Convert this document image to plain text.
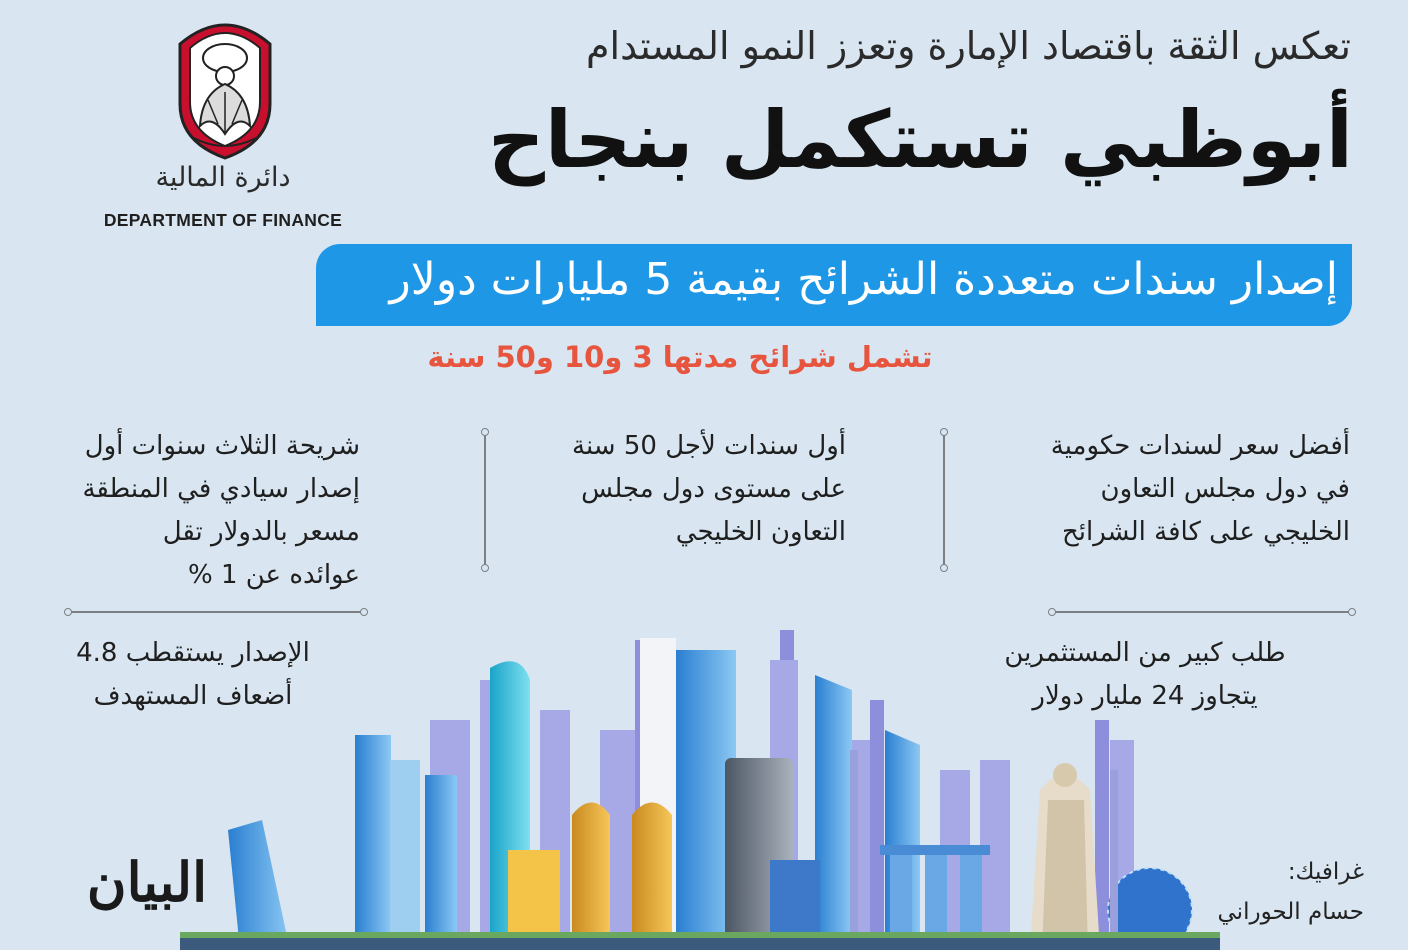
دائرة المالية
DEPARTMENT OF FINANCE
تعكس الثقة باقتصاد الإمارة وتعزز النمو المستدام
أبوظبي تستكمل بنجاح
إصدار سندات متعددة الشرائح بقيمة 5 مليارات دولار
تشمل شرائح مدتها 3 و10 و50 سنة
أفضل سعر لسندات حكومية
في دول مجلس التعاون
الخليجي على كافة الشرائح
أول سندات لأجل 50 سنة
على مستوى دول مجلس
التعاون الخليجي
شريحة الثلاث سنوات أول
إصدار سيادي في المنطقة
مسعر بالدولار تقل
عوائده عن 1 %
طلب كبير من المستثمرين
يتجاوز 24 مليار دولار
الإصدار يستقطب 4.8
أضعاف المستهدف
البيان	غرافيك:
حسام الحوراني
